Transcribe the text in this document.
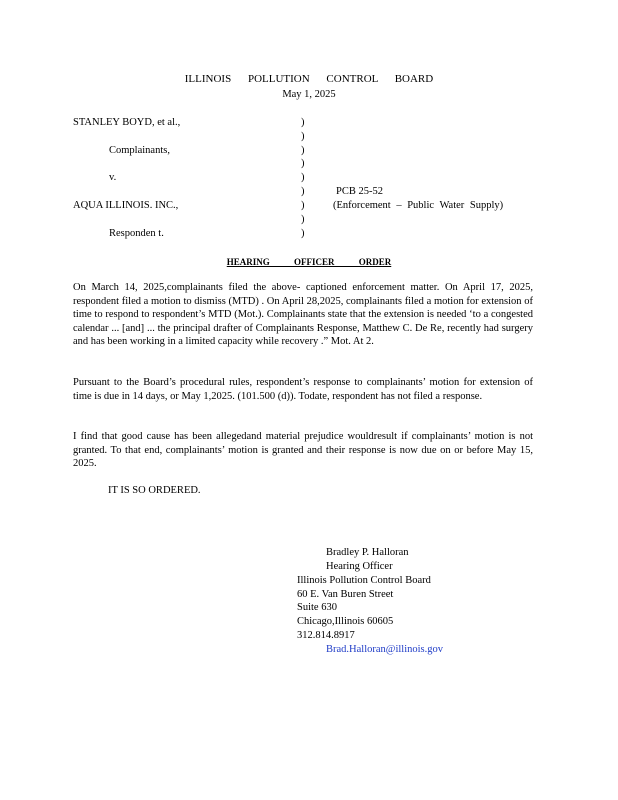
ILLINOIS POLLUTION CONTROL BOARD
May 1, 2025
STANLEY BOYD, et al.,
Complainants,
v.
AQUA ILLINOIS. INC.,
Responden t.
)
)
)
)
)
)
)
)
)
PCB 25-52
(Enforcement – Public Water Supply)
HEARING OFFICER ORDER
On March 14, 2025,complainants filed the above- captioned enforcement matter. On April 17, 2025, respondent filed a motion to dismiss (MTD) . On April 28,2025, complainants filed a motion for extension of time to respond to respondent’s MTD (Mot.). Complainants state that the extension is needed ‘to a congested calendar ... [and] ... the principal drafter of Complainants Response, Matthew C. De Re, recently had surgery and has been working in a limited capacity while recovery .” Mot. At 2.
Pursuant to the Board’s procedural rules, respondent’s response to complainants’ motion for extension of time is due in 14 days, or May 1,2025. (101.500 (d)). Todate, respondent has not filed a response.
I find that good cause has been allegedand material prejudice wouldresult if complainants’ motion is not granted. To that end, complainants’ motion is granted and their response is now due on or before May 15, 2025.
IT IS SO ORDERED.
Bradley P. Halloran
Hearing Officer
Illinois Pollution Control Board
60 E. Van Buren Street
Suite 630
Chicago,Illinois 60605
312.814.8917
Brad.Halloran@illinois.gov
